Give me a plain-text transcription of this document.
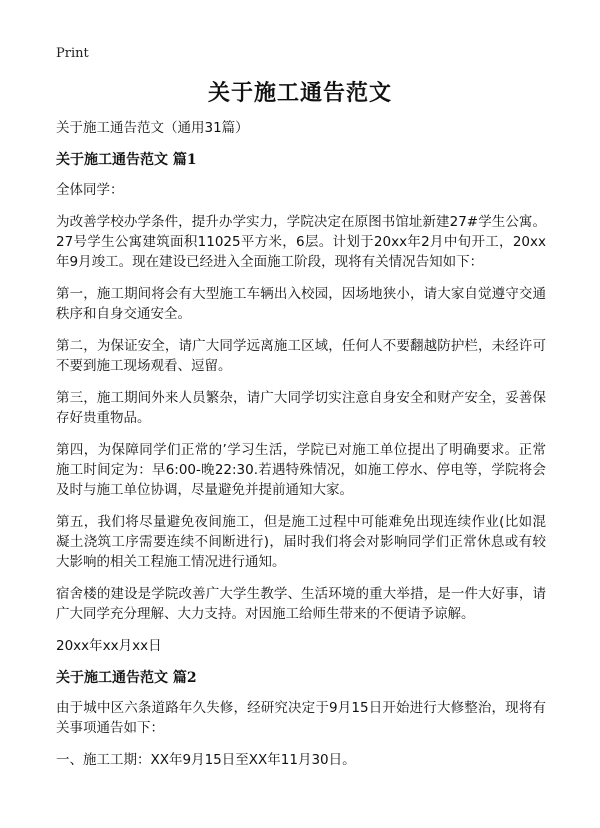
Print
关于施工通告范文

关于施工通告范文（通用31篇）

关于施工通告范文 篇1

全体同学：

为改善学校办学条件，提升办学实力，学院决定在原图书馆址新建27#学生公寓。27号学生公寓建筑面积11025平方米，6层。计划于20xx年2月中旬开工，20xx年9月竣工。现在建设已经进入全面施工阶段，现将有关情况告知如下：

第一，施工期间将会有大型施工车辆出入校园，因场地狭小，请大家自觉遵守交通秩序和自身交通安全。

第二，为保证安全，请广大同学远离施工区域，任何人不要翻越防护栏，未经许可不要到施工现场观看、逗留。

第三，施工期间外来人员繁杂，请广大同学切实注意自身安全和财产安全，妥善保存好贵重物品。

第四，为保障同学们正常的’学习生活，学院已对施工单位提出了明确要求。正常施工时间定为：早6:00-晚22:30.若遇特殊情况，如施工停水、停电等，学院将会及时与施工单位协调，尽量避免并提前通知大家。

第五，我们将尽量避免夜间施工，但是施工过程中可能难免出现连续作业(比如混凝土浇筑工序需要连续不间断进行)，届时我们将会对影响同学们正常休息或有较大影响的相关工程施工情况进行通知。

宿舍楼的建设是学院改善广大学生教学、生活环境的重大举措，是一件大好事，请广大同学充分理解、大力支持。对因施工给师生带来的不便请予谅解。

20xx年xx月xx日

关于施工通告范文 篇2

由于城中区六条道路年久失修，经研究决定于9月15日开始进行大修整治，现将有关事项通告如下：

一、施工工期：XX年9月15日至XX年11月30日。
